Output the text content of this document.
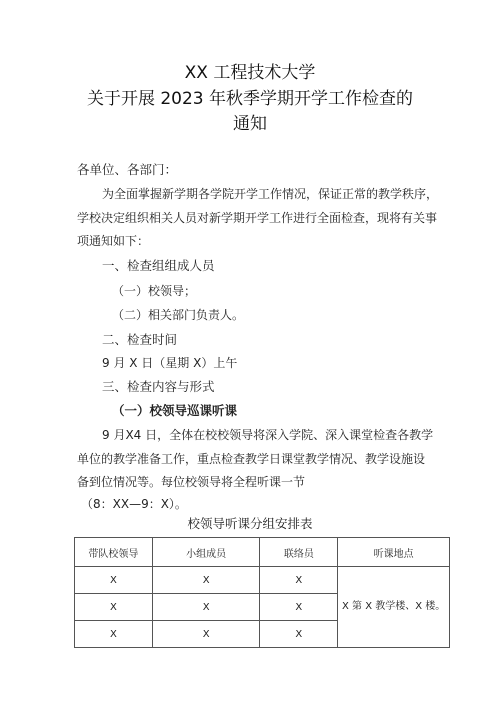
XX 工程技术大学
关于开展 2023 年秋季学期开学工作检查的
通知
各单位、各部门：
为全面掌握新学期各学院开学工作情况，保证正常的教学秩序，
学校决定组织相关人员对新学期开学工作进行全面检查，现将有关事
项通知如下：
一、检查组组成人员
（一）校领导；
（二）相关部门负责人。
二、检查时间
9 月 X 日（星期 X）上午
三、检查内容与形式
（一）校领导巡课听课
9 月X4 日，全体在校校领导将深入学院、深入课堂检查各教学
单位的教学准备工作，重点检查教学日课堂教学情况、教学设施设
备到位情况等。每位校领导将全程听课一节
（8：XX—9：X）。
校领导听课分组安排表
带队校领导	小组成员	联络员	听课地点
X	X	X	X 第 X 教学楼、X 楼。
X	X	X	
X	X	X	
